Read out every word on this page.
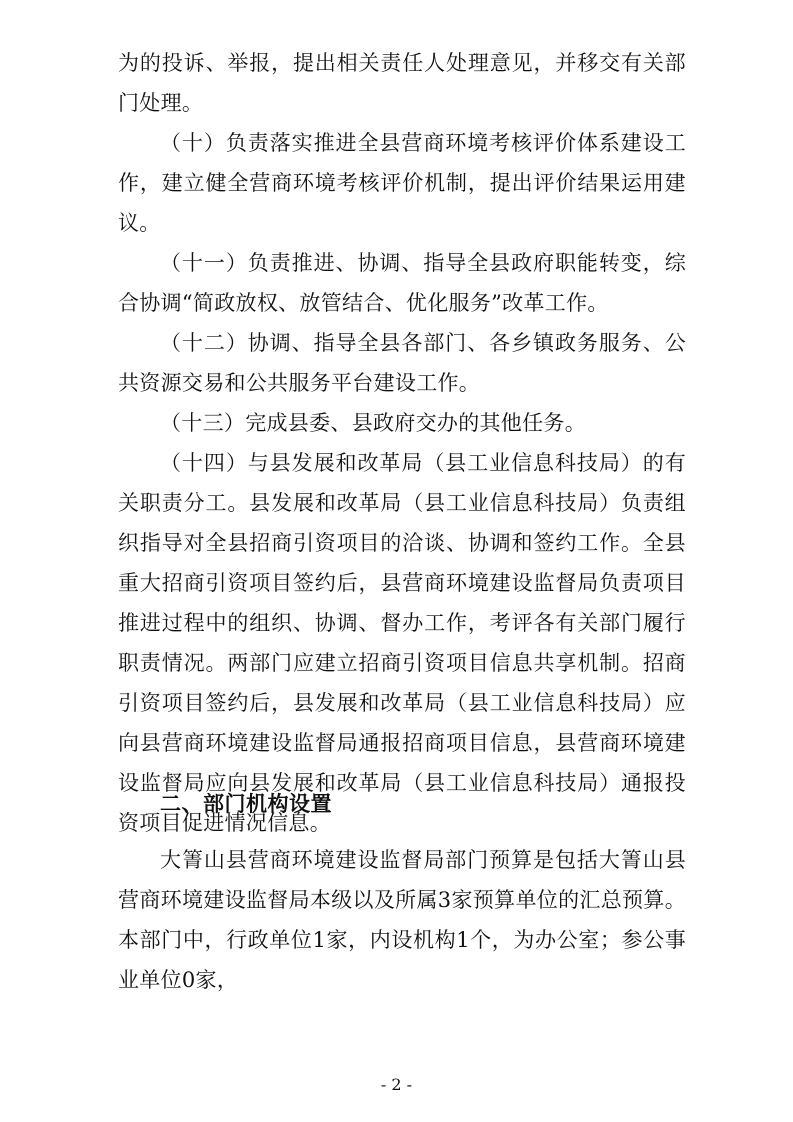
为的投诉、举报，提出相关责任人处理意见，并移交有关部门处理。

（十）负责落实推进全县营商环境考核评价体系建设工作，建立健全营商环境考核评价机制，提出评价结果运用建议。

（十一）负责推进、协调、指导全县政府职能转变，综合协调“简政放权、放管结合、优化服务”改革工作。

（十二）协调、指导全县各部门、各乡镇政务服务、公共资源交易和公共服务平台建设工作。

（十三）完成县委、县政府交办的其他任务。

（十四）与县发展和改革局（县工业信息科技局）的有关职责分工。县发展和改革局（县工业信息科技局）负责组织指导对全县招商引资项目的洽谈、协调和签约工作。全县重大招商引资项目签约后，县营商环境建设监督局负责项目推进过程中的组织、协调、督办工作，考评各有关部门履行职责情况。两部门应建立招商引资项目信息共享机制。招商引资项目签约后，县发展和改革局（县工业信息科技局）应向县营商环境建设监督局通报招商项目信息，县营商环境建设监督局应向县发展和改革局（县工业信息科技局）通报投资项目促进情况信息。

二、部门机构设置

大箐山县营商环境建设监督局部门预算是包括大箐山县营商环境建设监督局本级以及所属3家预算单位的汇总预算。本部门中，行政单位1家，内设机构1个，为办公室；参公事业单位0家，

- 2 -
